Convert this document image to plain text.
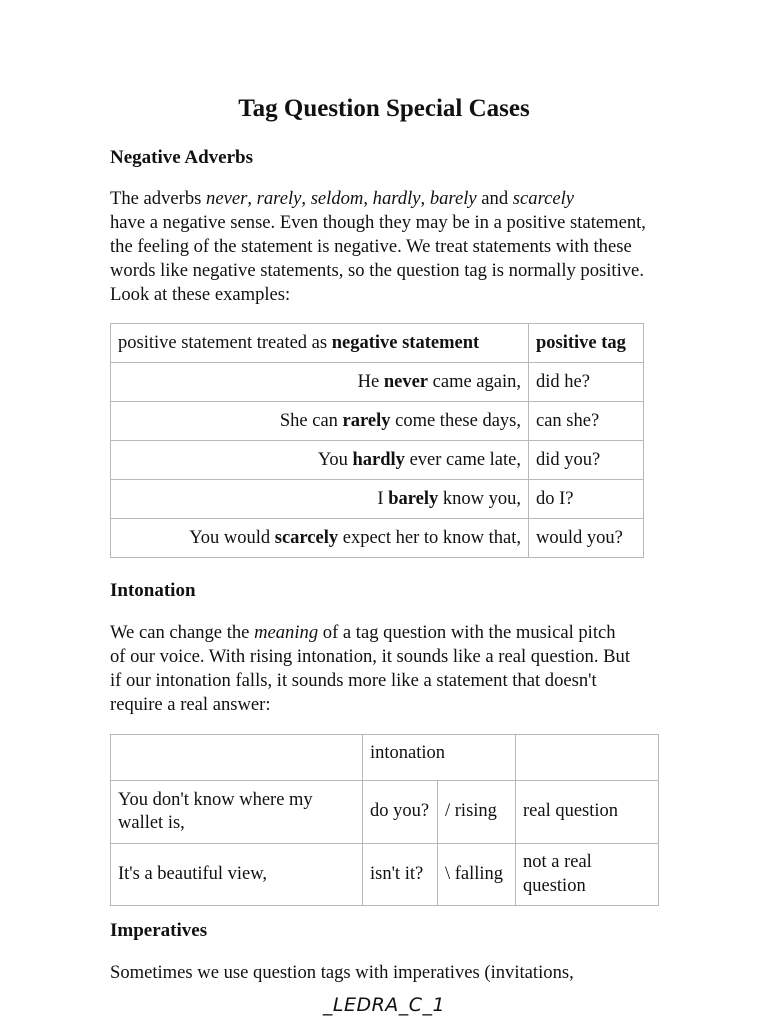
Tag Question Special Cases
Negative Adverbs

The adverbs never, rarely, seldom, hardly, barely and scarcely
have a negative sense. Even though they may be in a positive statement, the feeling of the statement is negative. We treat statements with these words like negative statements, so the question tag is normally positive. Look at these examples:

positive statement treated as negative statement	positive tag
He never came again,	did he?
She can rarely come these days,	can she?
You hardly ever came late,	did you?
I barely know you,	do I?
You would scarcely expect her to know that,	would you?
Intonation

We can change the meaning of a tag question with the musical pitch of our voice. With rising intonation, it sounds like a real question. But if our intonation falls, it sounds more like a statement that doesn't require a real answer:

	intonation		
You don't know where my wallet is,	do you?	/ rising	real question
It's a beautiful view,	isn't it?	\ falling	not a real question
Imperatives

Sometimes we use question tags with imperatives (invitations,

_LEDRA_C_1
